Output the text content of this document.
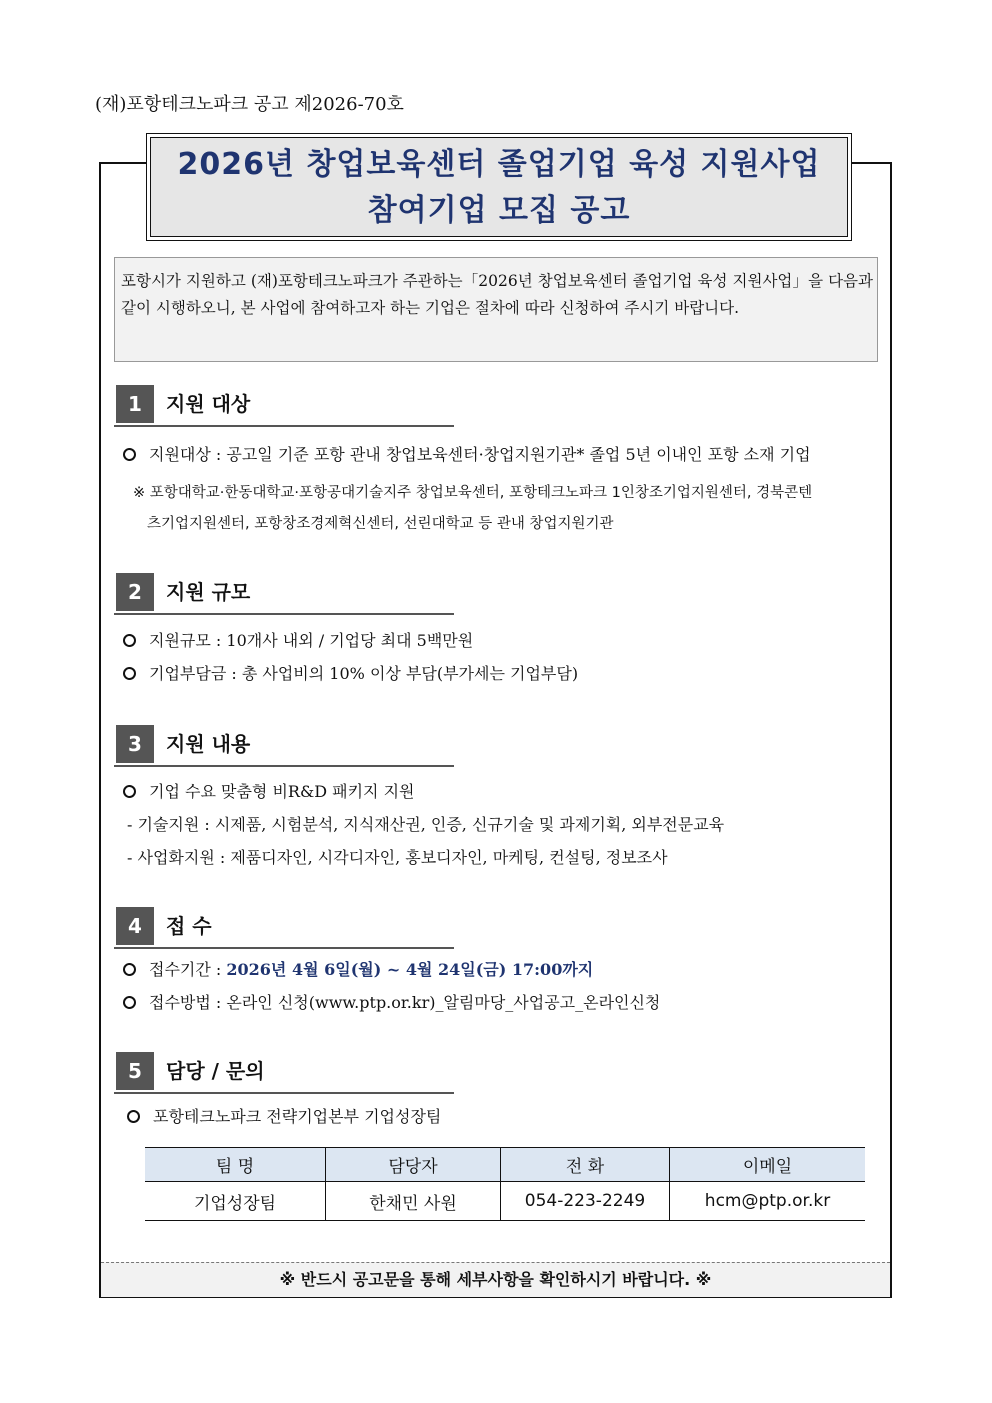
(재)포항테크노파크 공고 제2026-70호
2026년 창업보육센터 졸업기업 육성 지원사업
참여기업 모집 공고
포항시가 지원하고 (재)포항테크노파크가 주관하는「2026년 창업보육센터 졸업기업 육성 지원사업」을 다음과 같이 시행하오니, 본 사업에 참여하고자 하는 기업은 절차에 따라 신청하여 주시기 바랍니다.
1	지원 대상
지원대상 : 공고일 기준 포항 관내 창업보육센터·창업지원기관* 졸업 5년 이내인 포항 소재 기업
※ 포항대학교·한동대학교·포항공대기술지주 창업보육센터, 포항테크노파크 1인창조기업지원센터, 경북콘텐
츠기업지원센터, 포항창조경제혁신센터, 선린대학교 등 관내 창업지원기관
2	지원 규모
지원규모 : 10개사 내외 / 기업당 최대 5백만원
기업부담금 : 총 사업비의 10% 이상 부담(부가세는 기업부담)
3	지원 내용
기업 수요 맞춤형 비R&D 패키지 지원
- 기술지원 : 시제품, 시험분석, 지식재산권, 인증, 신규기술 및 과제기획, 외부전문교육
- 사업화지원 : 제품디자인, 시각디자인, 홍보디자인, 마케팅, 컨설팅, 정보조사
4	접 수
접수기간 : 2026년 4월 6일(월) ~ 4월 24일(금) 17:00까지
접수방법 : 온라인 신청(www.ptp.or.kr)_알림마당_사업공고_온라인신청
5	담당 / 문의
포항테크노파크 전략기업본부 기업성장팀
팀 명	담당자	전 화	이메일
기업성장팀	한채민 사원	054-223-2249	hcm@ptp.or.kr
※ 반드시 공고문을 통해 세부사항을 확인하시기 바랍니다. ※
